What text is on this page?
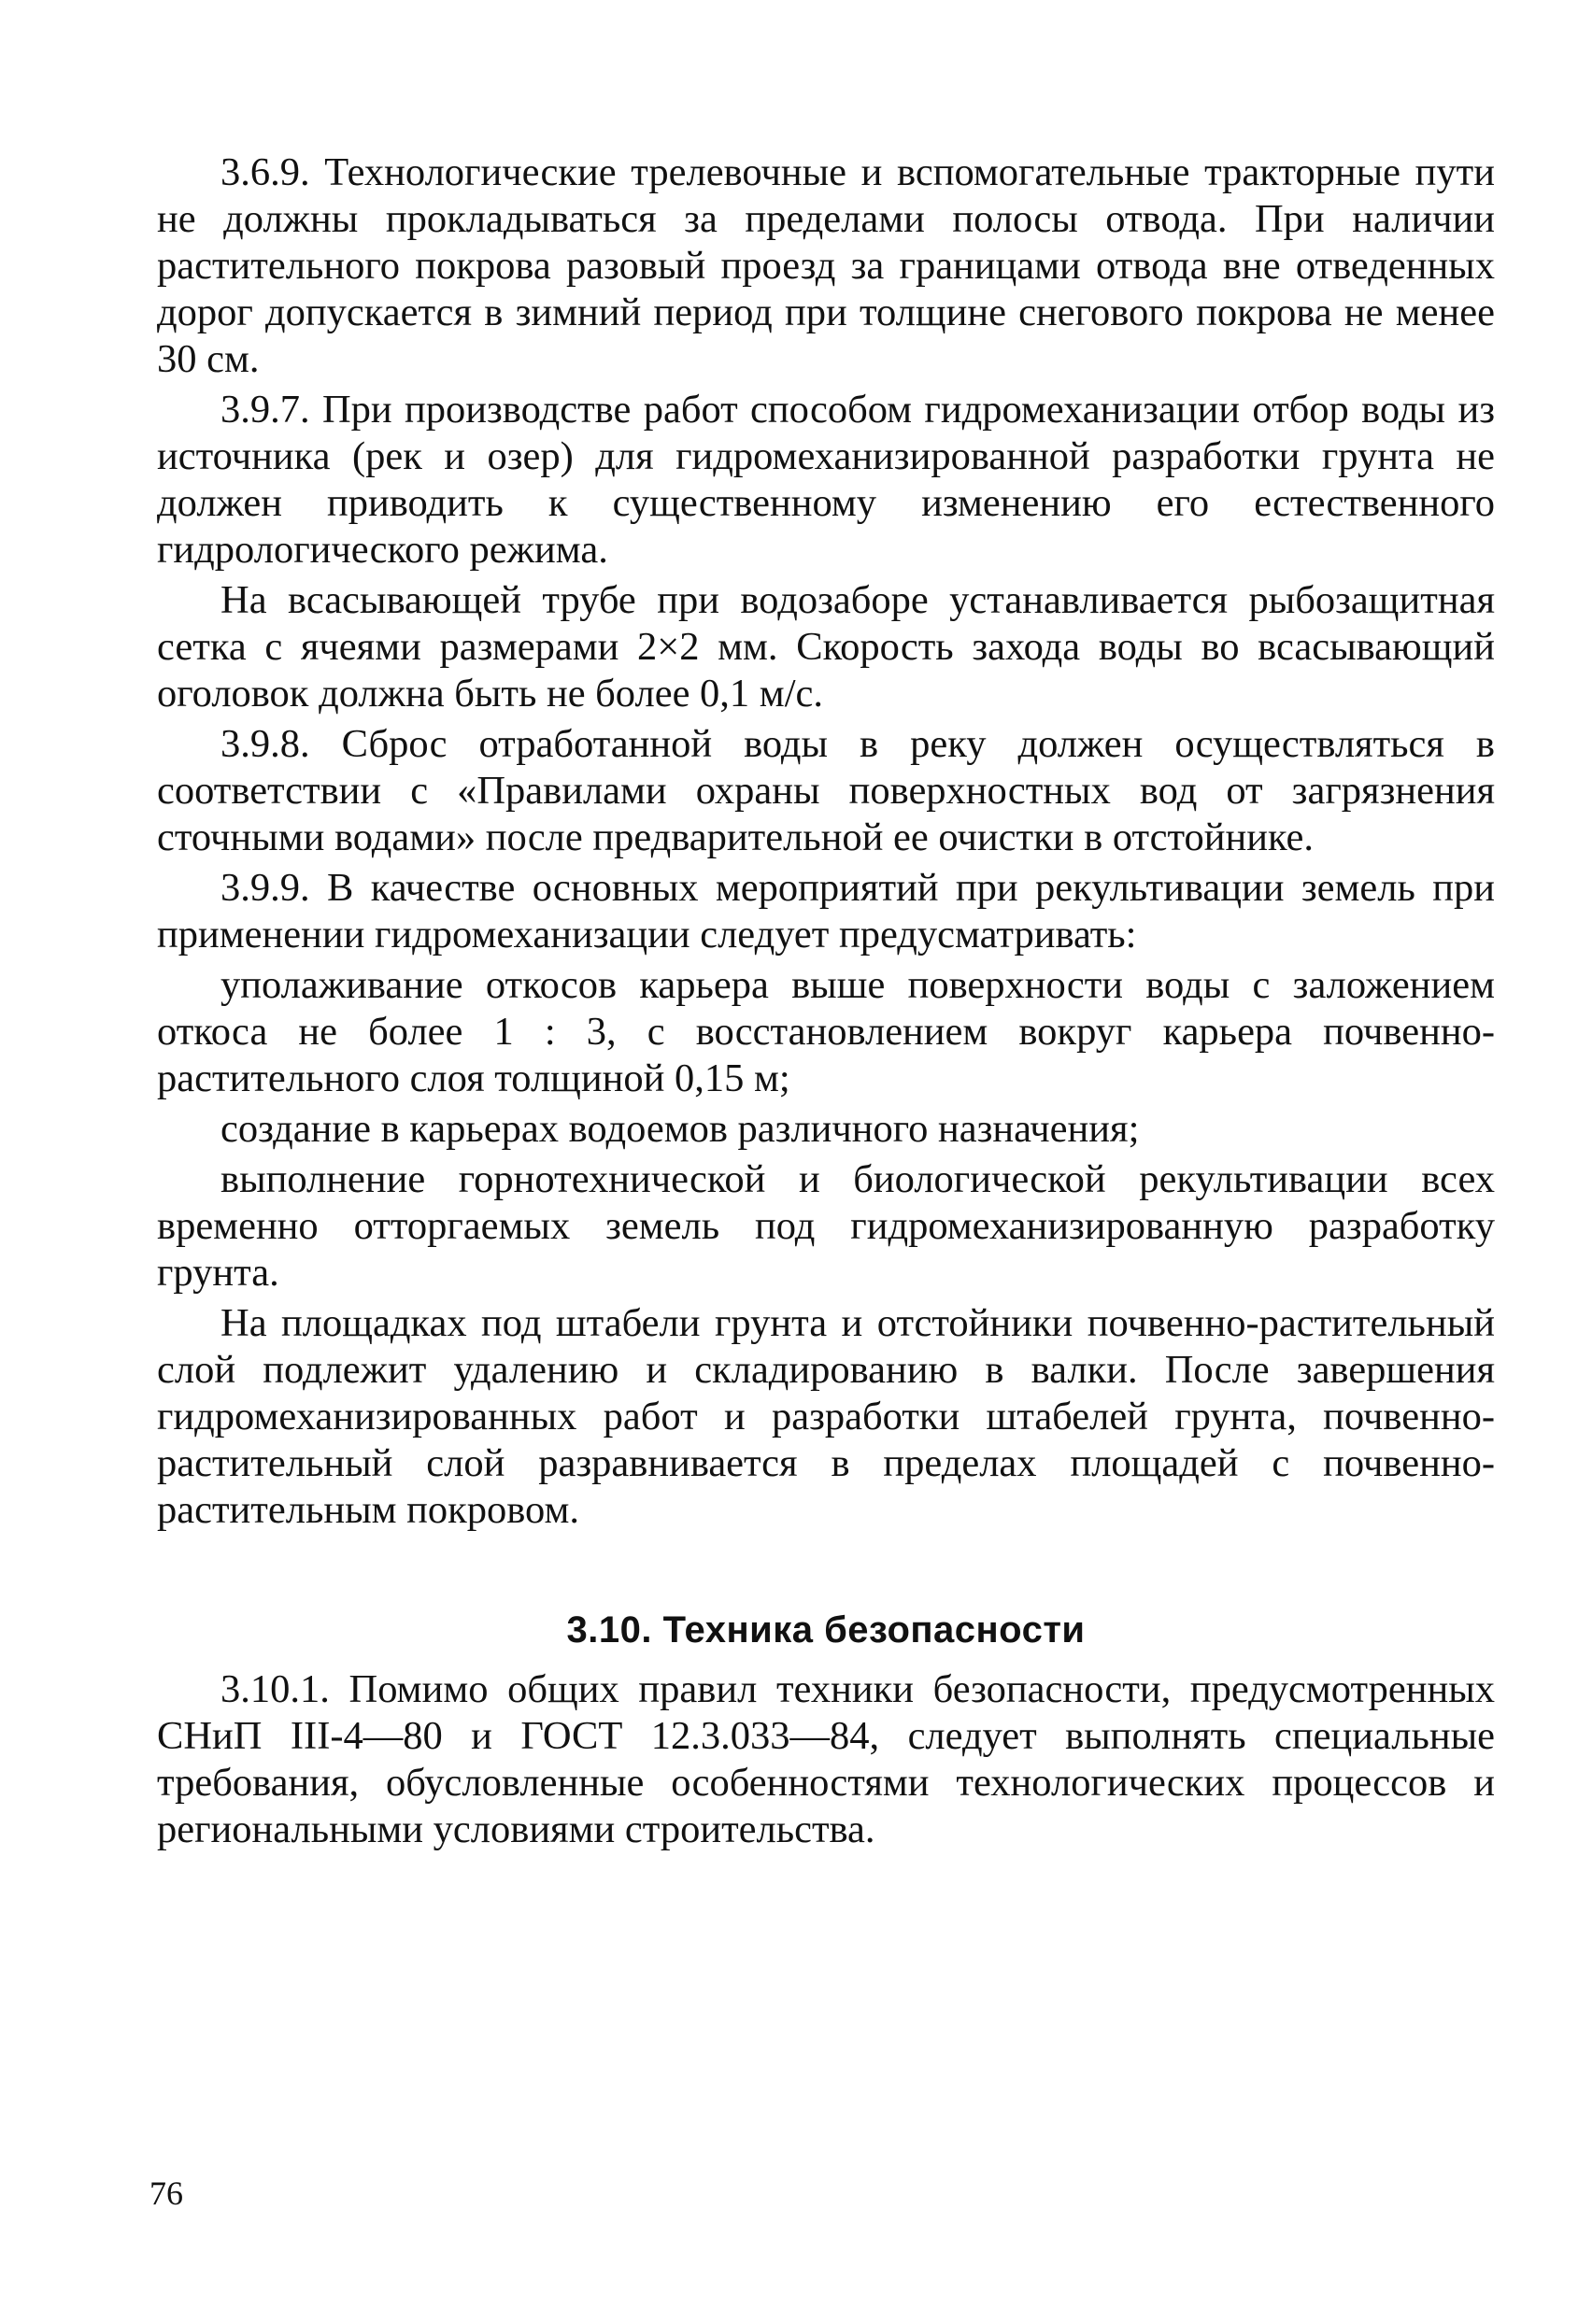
3.6.9. Технологические трелевочные и вспомогательные тракторные пути не должны прокладываться за пределами полосы отвода. При наличии растительного покрова разовый проезд за границами отвода вне отведенных дорог допускается в зимний период при толщине снегового покрова не менее 30 см.

3.9.7. При производстве работ способом гидромеханизации отбор воды из источника (рек и озер) для гидромеханизированной разработки грунта не должен приводить к существенному изменению его естественного гидрологического режима.

На всасывающей трубе при водозаборе устанавливается рыбозащитная сетка с ячеями размерами 2×2 мм. Скорость захода воды во всасывающий оголовок должна быть не более 0,1 м/с.

3.9.8. Сброс отработанной воды в реку должен осуществляться в соответствии с «Правилами охраны поверхностных вод от загрязнения сточными водами» после предварительной ее очистки в отстойнике.

3.9.9. В качестве основных мероприятий при рекультивации земель при применении гидромеханизации следует предусматривать:

уполаживание откосов карьера выше поверхности воды с заложением откоса не более 1 : 3, с восстановлением вокруг карьера почвенно-растительного слоя толщиной 0,15 м;

создание в карьерах водоемов различного назначения;

выполнение горнотехнической и биологической рекультивации всех временно отторгаемых земель под гидромеханизированную разработку грунта.

На площадках под штабели грунта и отстойники почвенно-растительный слой подлежит удалению и складированию в валки. После завершения гидромеханизированных работ и разработки штабелей грунта, почвенно-растительный слой разравнивается в пределах площадей с почвенно-растительным покровом.

3.10. Техника безопасности

3.10.1. Помимо общих правил техники безопасности, предусмотренных СНиП III-4—80 и ГОСТ 12.3.033—84, следует выполнять специальные требования, обусловленные особенностями технологических процессов и региональными условиями строительства.

76
